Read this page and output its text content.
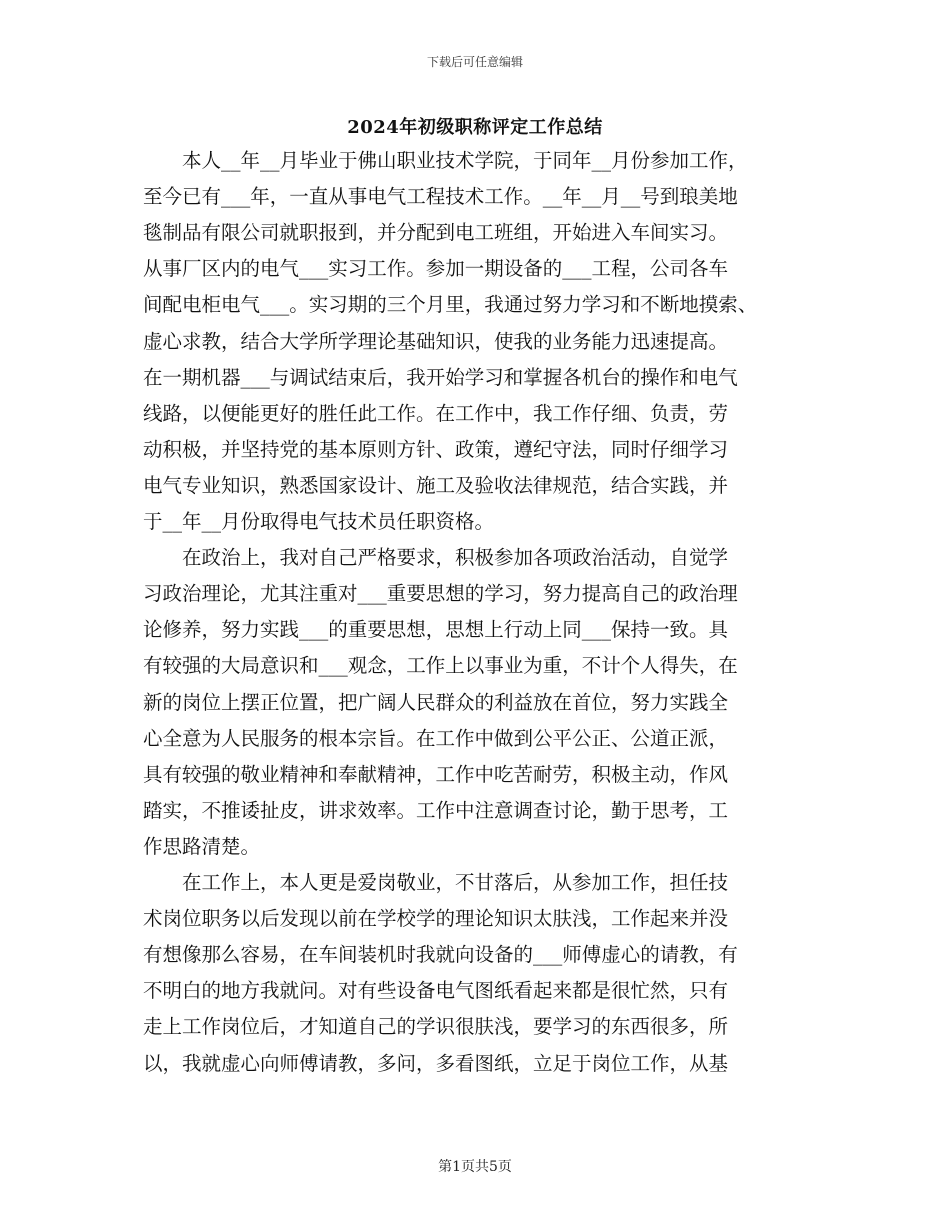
下载后可任意编辑
2024年初级职称评定工作总结
　　本人__年__月毕业于佛山职业技术学院，于同年__月份参加工作，
至今已有___年，一直从事电气工程技术工作。__年__月__号到琅美地
毯制品有限公司就职报到，并分配到电工班组，开始进入车间实习。
从事厂区内的电气___实习工作。参加一期设备的___工程，公司各车
间配电柜电气___。实习期的三个月里，我通过努力学习和不断地摸索、
虚心求教，结合大学所学理论基础知识，使我的业务能力迅速提高。
在一期机器___与调试结束后，我开始学习和掌握各机台的操作和电气
线路，以便能更好的胜任此工作。在工作中，我工作仔细、负责，劳
动积极，并坚持党的基本原则方针、政策，遵纪守法，同时仔细学习
电气专业知识，熟悉国家设计、施工及验收法律规范，结合实践，并
于__年__月份取得电气技术员任职资格。
　　在政治上，我对自己严格要求，积极参加各项政治活动，自觉学
习政治理论，尤其注重对___重要思想的学习，努力提高自己的政治理
论修养，努力实践___的重要思想，思想上行动上同___保持一致。具
有较强的大局意识和___观念，工作上以事业为重，不计个人得失，在
新的岗位上摆正位置，把广阔人民群众的利益放在首位，努力实践全
心全意为人民服务的根本宗旨。在工作中做到公平公正、公道正派，
具有较强的敬业精神和奉献精神，工作中吃苦耐劳，积极主动，作风
踏实，不推诿扯皮，讲求效率。工作中注意调查讨论，勤于思考，工
作思路清楚。
　　在工作上，本人更是爱岗敬业，不甘落后，从参加工作，担任技
术岗位职务以后发现以前在学校学的理论知识太肤浅，工作起来并没
有想像那么容易，在车间装机时我就向设备的___师傅虚心的请教，有
不明白的地方我就问。对有些设备电气图纸看起来都是很忙然，只有
走上工作岗位后，才知道自己的学识很肤浅，要学习的东西很多，所
以，我就虚心向师傅请教，多问，多看图纸，立足于岗位工作，从基
第1页共5页
